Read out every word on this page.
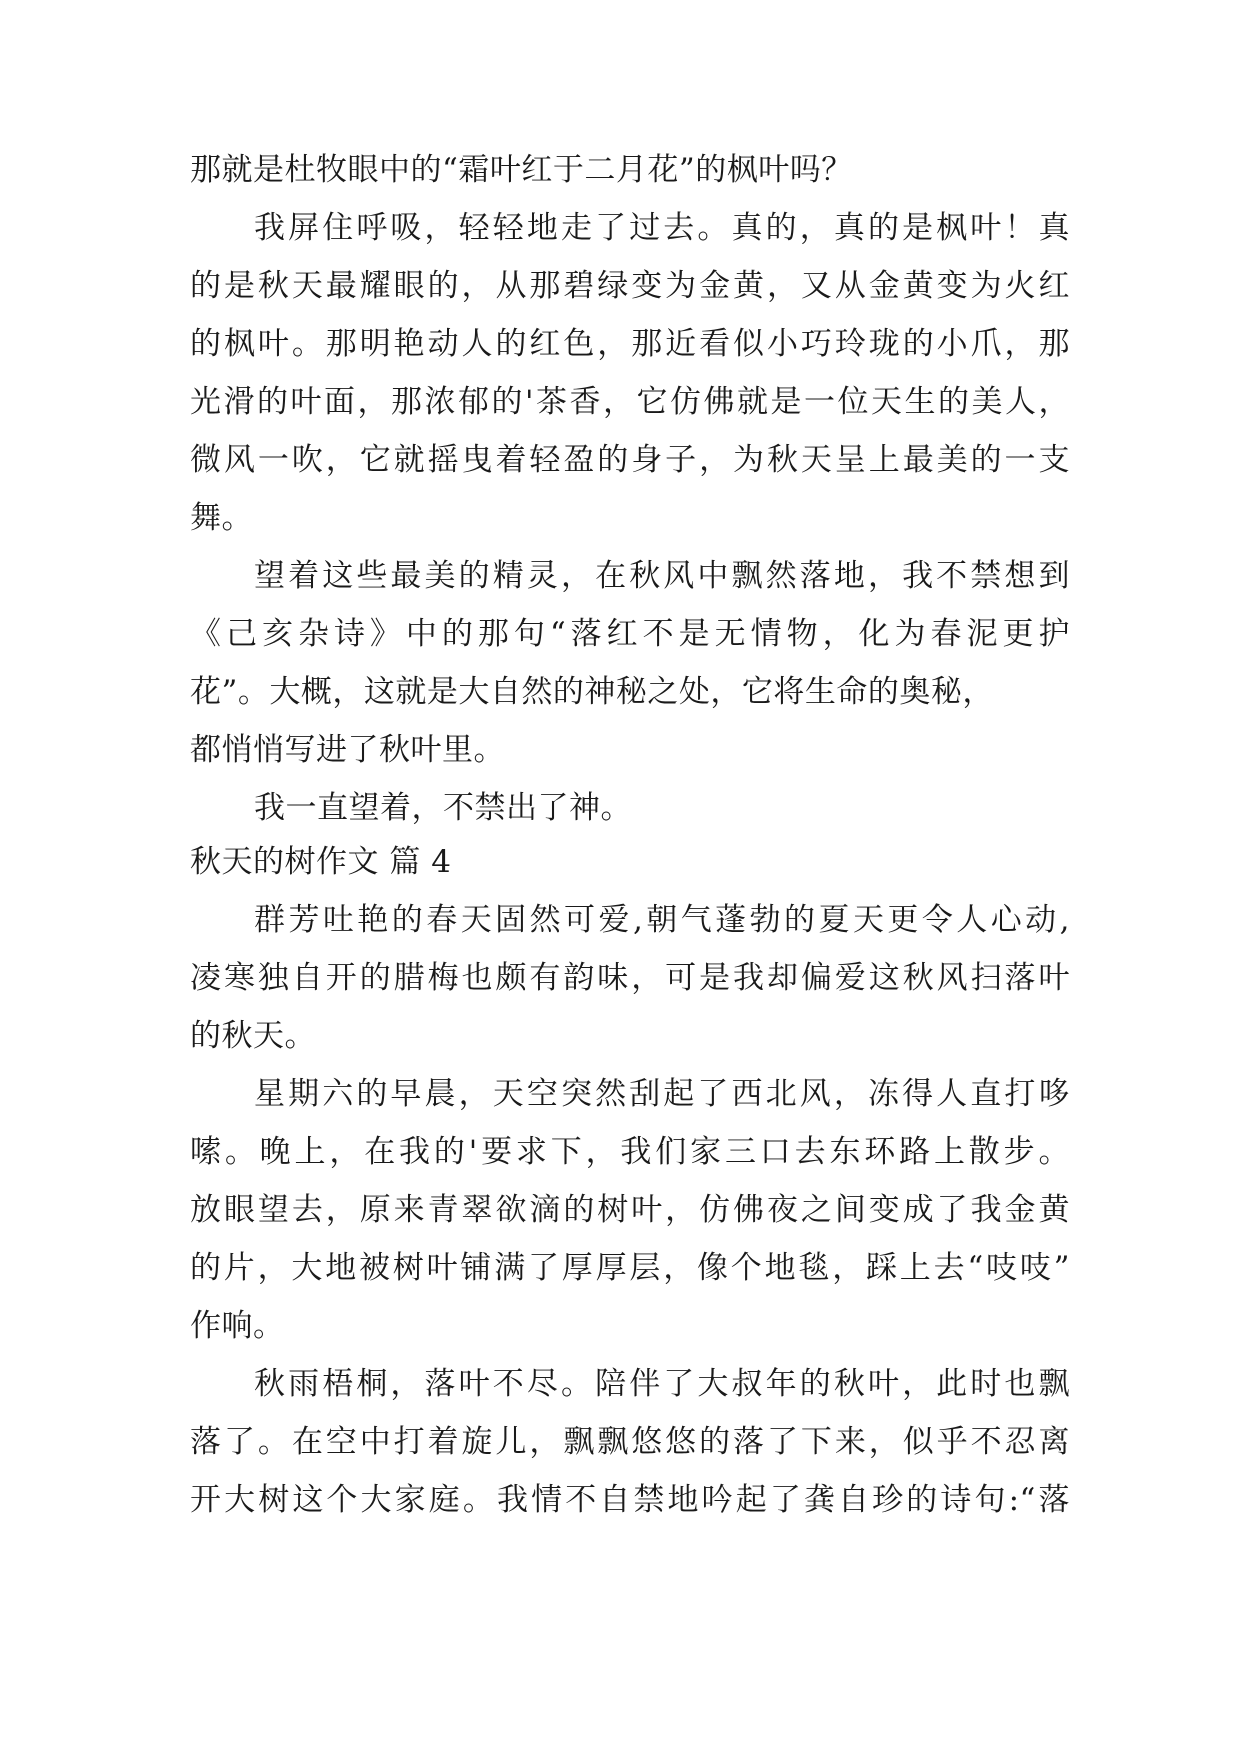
那就是杜牧眼中的“霜叶红于二月花”的枫叶吗？
我屏住呼吸，轻轻地走了过去。真的，真的是枫叶！真
的是秋天最耀眼的，从那碧绿变为金黄，又从金黄变为火红
的枫叶。那明艳动人的红色，那近看似小巧玲珑的小爪，那
光滑的叶面，那浓郁的'茶香，它仿佛就是一位天生的美人，
微风一吹，它就摇曳着轻盈的身子，为秋天呈上最美的一支
舞。
望着这些最美的精灵，在秋风中飘然落地，我不禁想到
《己亥杂诗》中的那句“落红不是无情物，化为春泥更护
花”。大概，这就是大自然的神秘之处，它将生命的奥秘，
都悄悄写进了秋叶里。
我一直望着，不禁出了神。
秋天的树作文 篇 4
群芳吐艳的春天固然可爱,朝气蓬勃的夏天更令人心动,
凌寒独自开的腊梅也颇有韵味，可是我却偏爱这秋风扫落叶
的秋天。
星期六的早晨，天空突然刮起了西北风，冻得人直打哆
嗦。晚上，在我的'要求下，我们家三口去东环路上散步。
放眼望去，原来青翠欲滴的树叶，仿佛夜之间变成了我金黄
的片，大地被树叶铺满了厚厚层，像个地毯，踩上去“吱吱”
作响。
秋雨梧桐，落叶不尽。陪伴了大叔年的秋叶，此时也飘
落了。在空中打着旋儿，飘飘悠悠的落了下来，似乎不忍离
开大树这个大家庭。我情不自禁地吟起了龚自珍的诗句:“落
